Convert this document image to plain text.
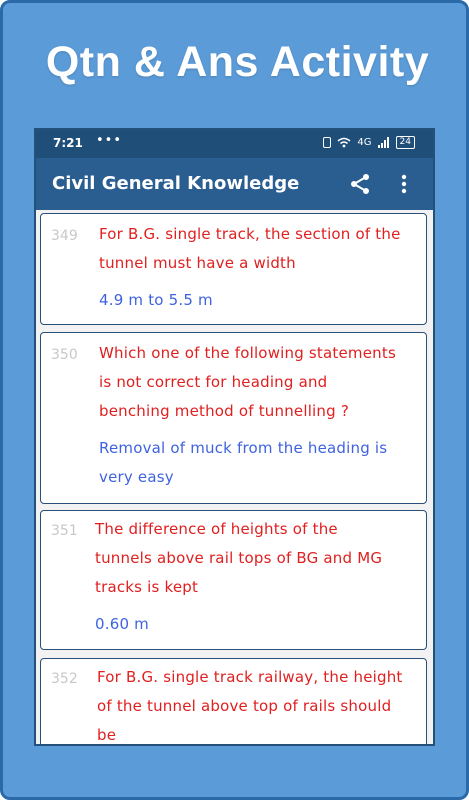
Qtn & Ans Activity
7:21 •••	4G	24
Civil General Knowledge
349 For B.G. single track, the section of the
tunnel must have a width
4.9 m to 5.5 m
350 Which one of the following statements
is not correct for heading and
benching method of tunnelling ?
Removal of muck from the heading is
very easy
351 The difference of heights of the
tunnels above rail tops of BG and MG
tracks is kept
0.60 m
352 For B.G. single track railway, the height
of the tunnel above top of rails should
be
